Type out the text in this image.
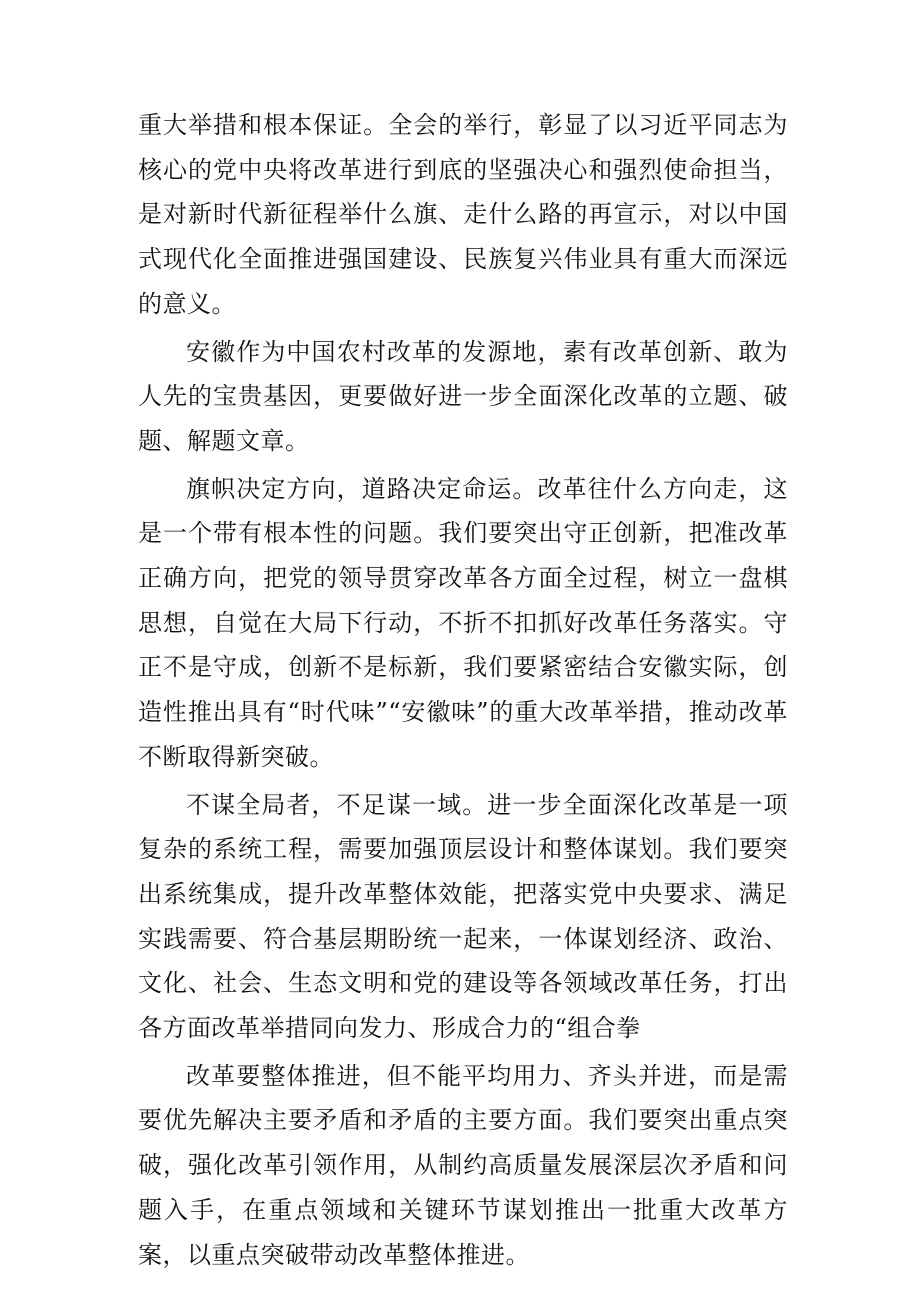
重大举措和根本保证。全会的举行，彰显了以习近平同志为核心的党中央将改革进行到底的坚强决心和强烈使命担当，是对新时代新征程举什么旗、走什么路的再宣示，对以中国式现代化全面推进强国建设、民族复兴伟业具有重大而深远的意义。

安徽作为中国农村改革的发源地，素有改革创新、敢为人先的宝贵基因，更要做好进一步全面深化改革的立题、破题、解题文章。

旗帜决定方向，道路决定命运。改革往什么方向走，这是一个带有根本性的问题。我们要突出守正创新，把准改革正确方向，把党的领导贯穿改革各方面全过程，树立一盘棋思想，自觉在大局下行动，不折不扣抓好改革任务落实。守正不是守成，创新不是标新，我们要紧密结合安徽实际，创造性推出具有“时代味”“安徽味”的重大改革举措，推动改革不断取得新突破。

不谋全局者，不足谋一域。进一步全面深化改革是一项复杂的系统工程，需要加强顶层设计和整体谋划。我们要突出系统集成，提升改革整体效能，把落实党中央要求、满足实践需要、符合基层期盼统一起来，一体谋划经济、政治、文化、社会、生态文明和党的建设等各领域改革任务，打出各方面改革举措同向发力、形成合力的“组合拳

改革要整体推进，但不能平均用力、齐头并进，而是需要优先解决主要矛盾和矛盾的主要方面。我们要突出重点突破，强化改革引领作用，从制约高质量发展深层次矛盾和问题入手，在重点领域和关键环节谋划推出一批重大改革方案，以重点突破带动改革整体推进。
